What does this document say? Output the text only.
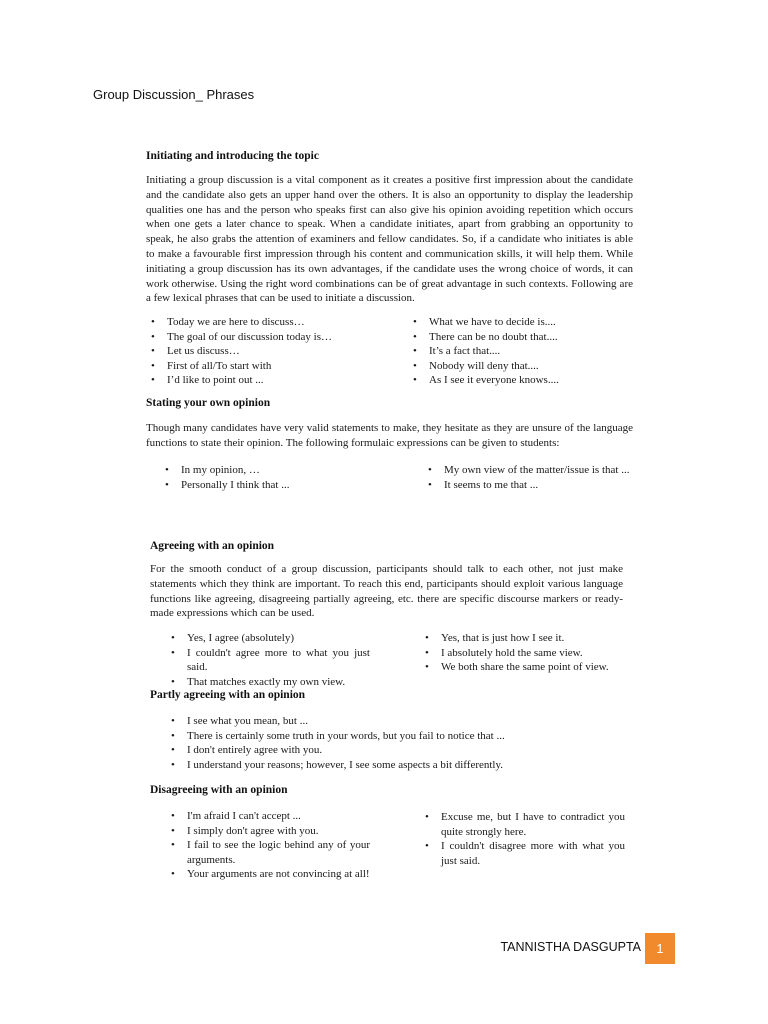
Group Discussion_ Phrases
Initiating and introducing the topic

Initiating a group discussion is a vital component as it creates a positive first impression about the candidate and the candidate also gets an upper hand over the others. It is also an opportunity to display the leadership qualities one has and the person who speaks first can also give his opinion avoiding repetition which occurs when one gets a later chance to speak. When a candidate initiates, apart from grabbing an opportunity to speak, he also grabs the attention of examiners and fellow candidates. So, if a candidate who initiates is able to make a favourable first impression through his content and communication skills, it will help them. While initiating a group discussion has its own advantages, if the candidate uses the wrong choice of words, it can work otherwise. Using the right word combinations can be of great advantage in such contexts. Following are a few lexical phrases that can be used to initiate a discussion.

• Today we are here to discuss…
• The goal of our discussion today is…
• Let us discuss…
• First of all/To start with
• I’d like to point out ...
• What we have to decide is....
• There can be no doubt that....
• It’s a fact that....
• Nobody will deny that....
• As I see it everyone knows....
Stating your own opinion

Though many candidates have very valid statements to make, they hesitate as they are unsure of the language functions to state their opinion. The following formulaic expressions can be given to students:

• In my opinion, …
• Personally I think that ...
• My own view of the matter/issue is that ...
• It seems to me that ...
Agreeing with an opinion

For the smooth conduct of a group discussion, participants should talk to each other, not just make statements which they think are important. To reach this end, participants should exploit various language functions like agreeing, disagreeing partially agreeing, etc. there are specific discourse markers or ready-made expressions which can be used.

• Yes, I agree (absolutely)
• I couldn't agree more to what you just said.
• That matches exactly my own view.
• Yes, that is just how I see it.
• I absolutely hold the same view.
• We both share the same point of view.
Partly agreeing with an opinion
• I see what you mean, but ...
• There is certainly some truth in your words, but you fail to notice that ...
• I don't entirely agree with you.
• I understand your reasons; however, I see some aspects a bit differently.
Disagreeing with an opinion
• I'm afraid I can't accept ...
• I simply don't agree with you.
• I fail to see the logic behind any of your arguments.
• Your arguments are not convincing at all!
• Excuse me, but I have to contradict you quite strongly here.
• I couldn't disagree more with what you just said.
TANNISTHA DASGUPTA	1
